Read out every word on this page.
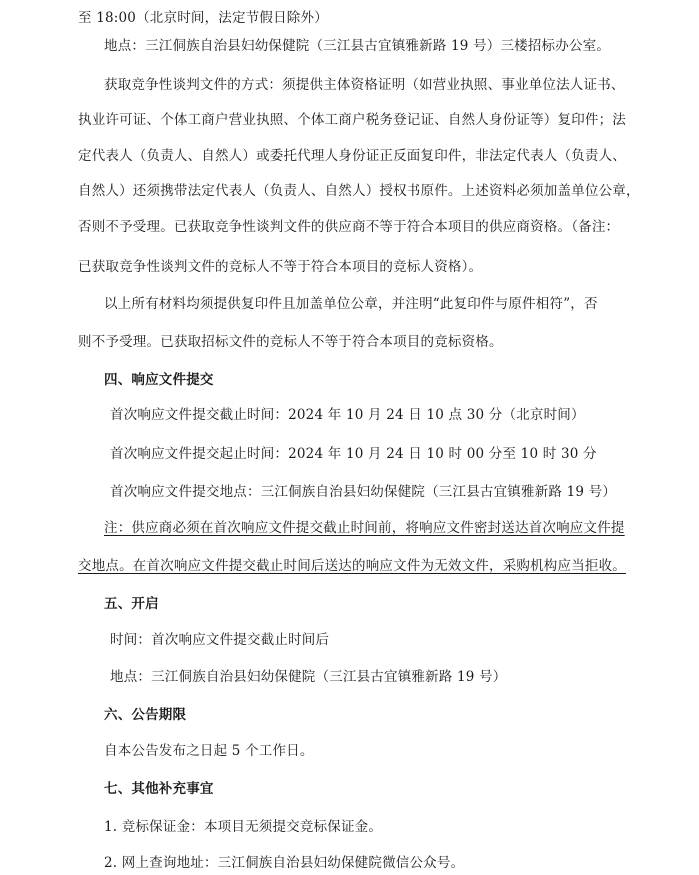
至 18:00（北京时间，法定节假日除外）
地点：三江侗族自治县妇幼保健院（三江县古宜镇雅新路 19 号）三楼招标办公室。
获取竞争性谈判文件的方式：须提供主体资格证明（如营业执照、事业单位法人证书、
执业许可证、个体工商户营业执照、个体工商户税务登记证、自然人身份证等）复印件；法
定代表人（负责人、自然人）或委托代理人身份证正反面复印件，非法定代表人（负责人、
自然人）还须携带法定代表人（负责人、自然人）授权书原件。上述资料必须加盖单位公章，
否则不予受理。已获取竞争性谈判文件的供应商不等于符合本项目的供应商资格。（备注：
已获取竞争性谈判文件的竞标人不等于符合本项目的竞标人资格）。
以上所有材料均须提供复印件且加盖单位公章，并注明“此复印件与原件相符”，否
则不予受理。已获取招标文件的竞标人不等于符合本项目的竞标资格。
四、响应文件提交
首次响应文件提交截止时间：2024 年 10 月 24 日 10 点 30 分（北京时间）
首次响应文件提交起止时间：2024 年 10 月 24 日 10 时 00 分至 10 时 30 分
首次响应文件提交地点：三江侗族自治县妇幼保健院（三江县古宜镇雅新路 19 号）
注：供应商必须在首次响应文件提交截止时间前，将响应文件密封送达首次响应文件提
交地点。在首次响应文件提交截止时间后送达的响应文件为无效文件，采购机构应当拒收。
五、开启
时间：首次响应文件提交截止时间后
地点：三江侗族自治县妇幼保健院（三江县古宜镇雅新路 19 号）
六、公告期限
自本公告发布之日起 5 个工作日。
七、其他补充事宜
1. 竞标保证金：本项目无须提交竞标保证金。
2. 网上查询地址：三江侗族自治县妇幼保健院微信公众号。
